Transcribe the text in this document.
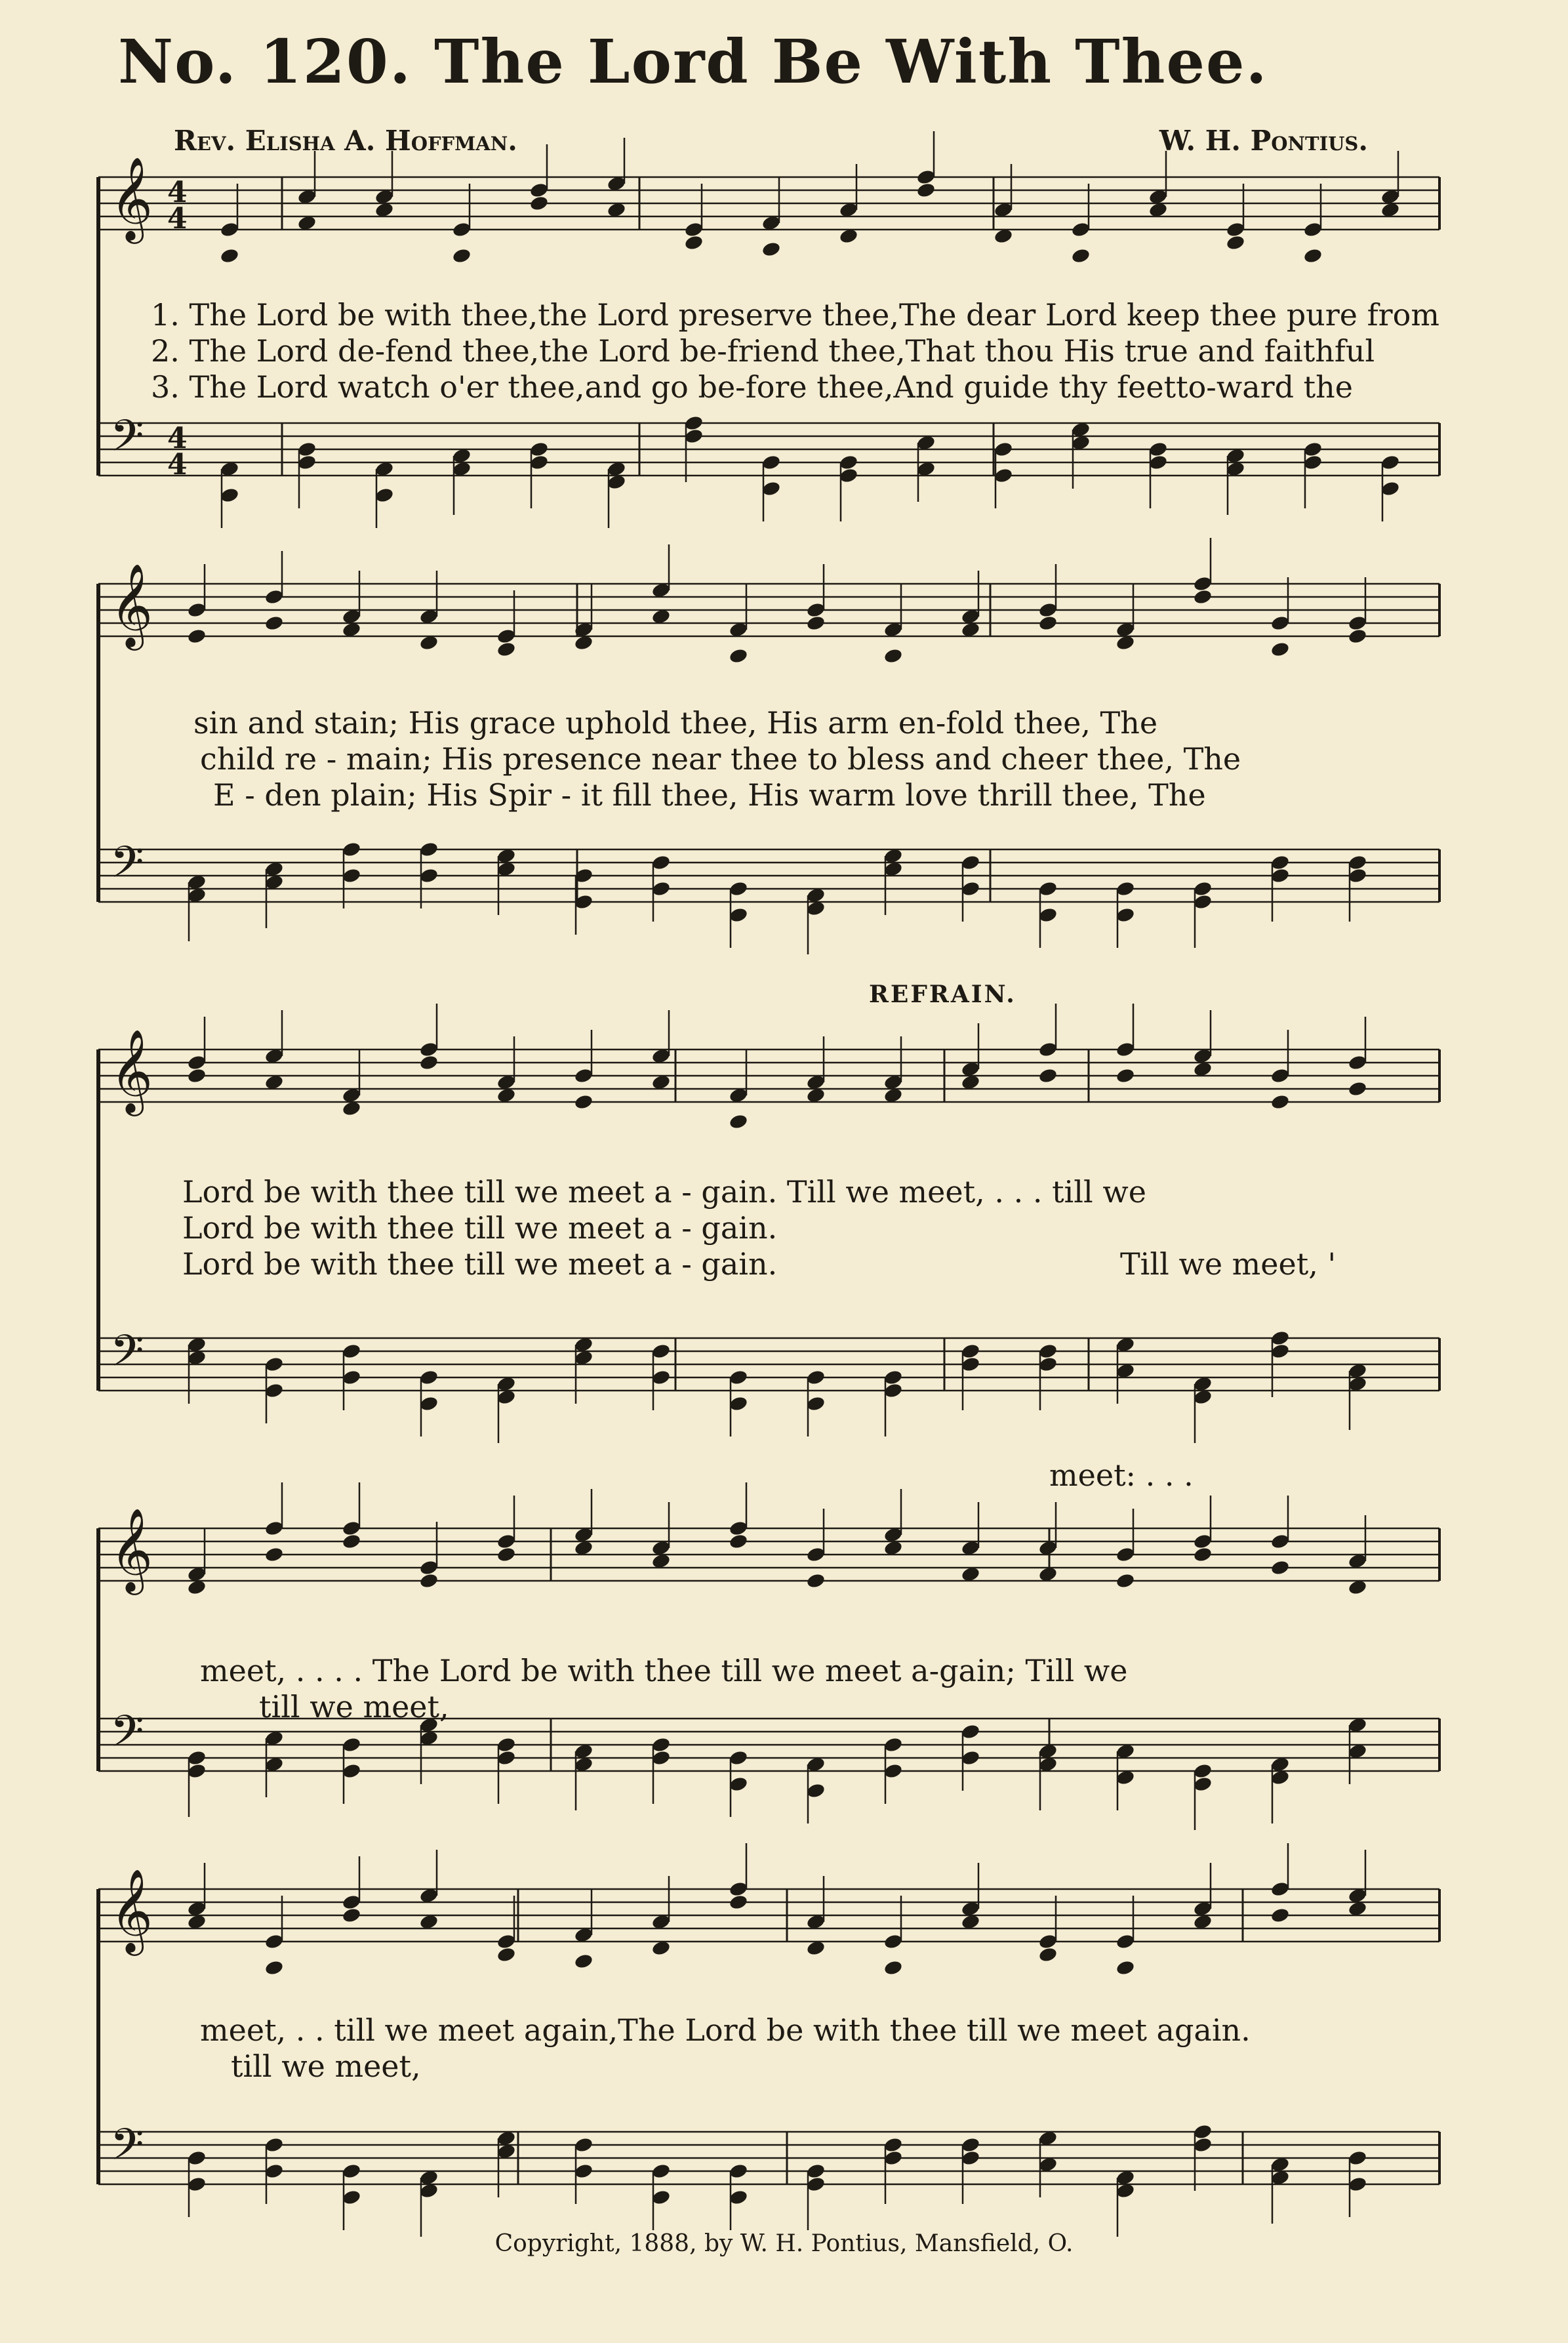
No. 120. The Lord Be With Thee.
Rev. Elisha A. Hoffman.	W. H. Pontius.
𝄞 4
4
𝄢 4
4
𝄞
𝄢
𝄞
𝄢
𝄞
𝄢
𝄞
𝄢
1. The Lord be with thee,the Lord preserve thee,The dear Lord keep thee pure from
2. The Lord de-fend thee,the Lord be-friend thee,That thou His true and faithful
3. The Lord watch o'er thee,and go be-fore thee,And guide thy feetto-ward the
sin and stain; His grace uphold thee, His arm en-fold thee, The
child re - main; His presence near thee to bless and cheer thee, The
E - den plain; His Spir - it fill thee, His warm love thrill thee, The
REFRAIN.
Lord be with thee till we meet a - gain. Till we meet, . . . till we
Lord be with thee till we meet a - gain.
Lord be with thee till we meet a - gain.	Till we meet, '
meet: . . .
meet, . . . . The Lord be with thee till we meet a-gain; Till we
till we meet,
meet, . . till we meet again,The Lord be with thee till we meet again.
till we meet,
Copyright, 1888, by W. H. Pontius, Mansfield, O.
